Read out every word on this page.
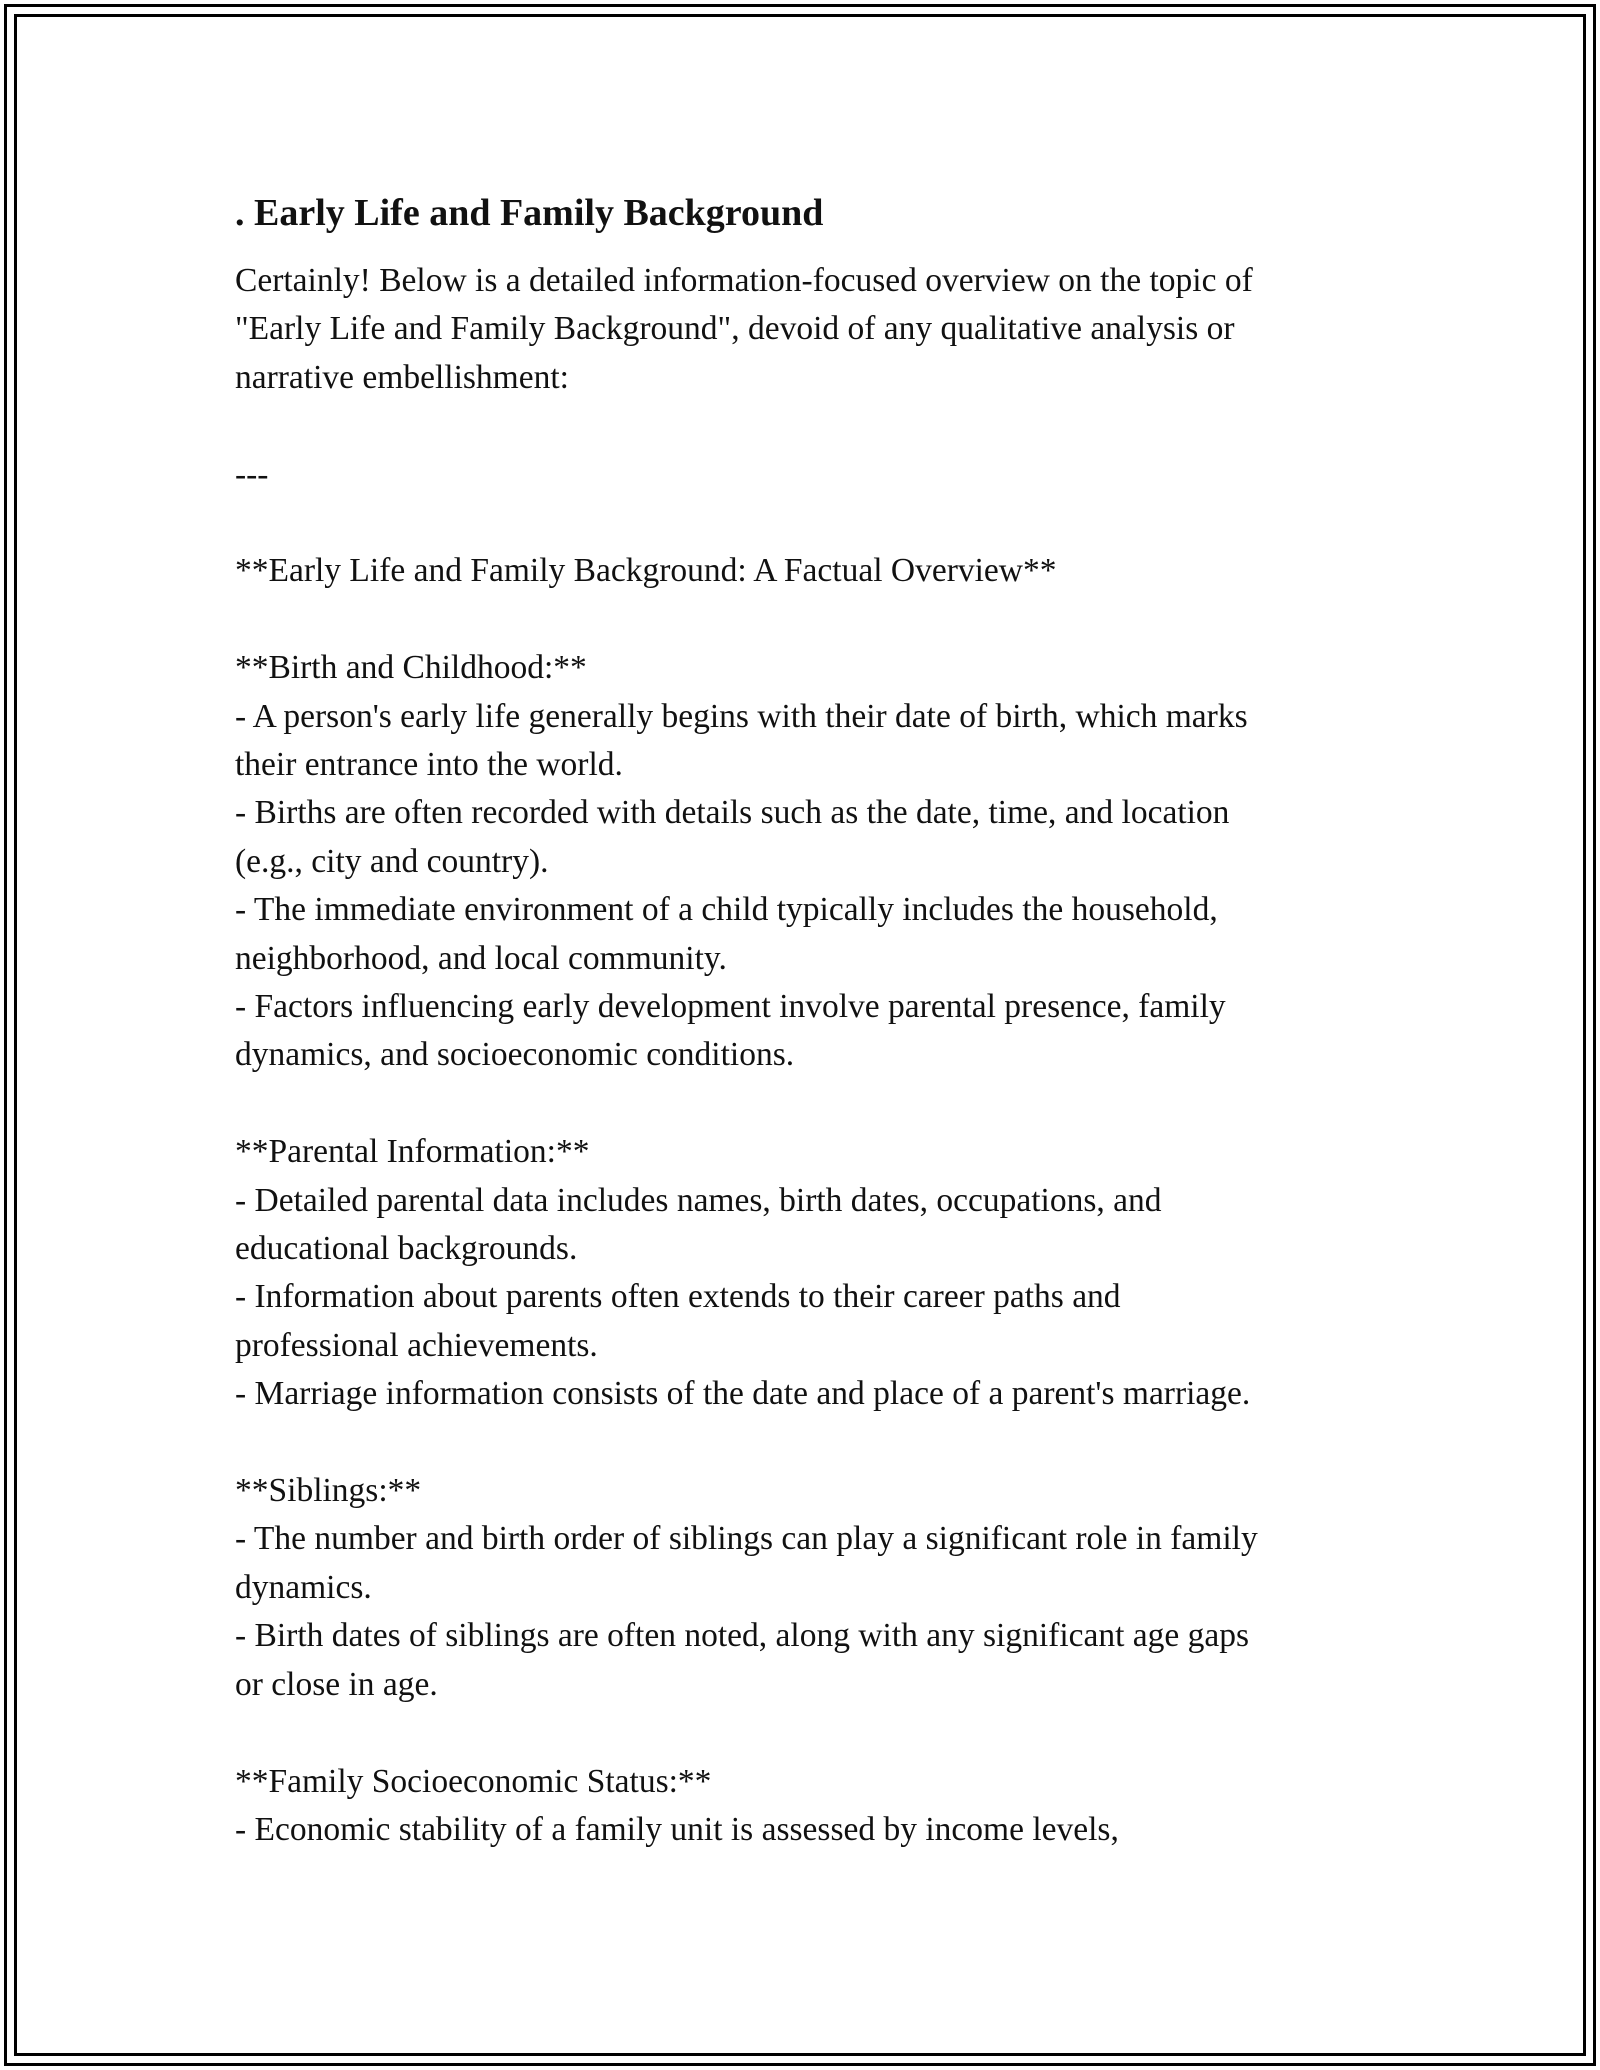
. Early Life and Family Background

Certainly! Below is a detailed information-focused overview on the topic of

"Early Life and Family Background", devoid of any qualitative analysis or

narrative embellishment:

---

**Early Life and Family Background: A Factual Overview**

**Birth and Childhood:**

- A person's early life generally begins with their date of birth, which marks

their entrance into the world.

- Births are often recorded with details such as the date, time, and location

(e.g., city and country).

- The immediate environment of a child typically includes the household,

neighborhood, and local community.

- Factors influencing early development involve parental presence, family

dynamics, and socioeconomic conditions.

**Parental Information:**

- Detailed parental data includes names, birth dates, occupations, and

educational backgrounds.

- Information about parents often extends to their career paths and

professional achievements.

- Marriage information consists of the date and place of a parent's marriage.

**Siblings:**

- The number and birth order of siblings can play a significant role in family

dynamics.

- Birth dates of siblings are often noted, along with any significant age gaps

or close in age.

**Family Socioeconomic Status:**

- Economic stability of a family unit is assessed by income levels,
